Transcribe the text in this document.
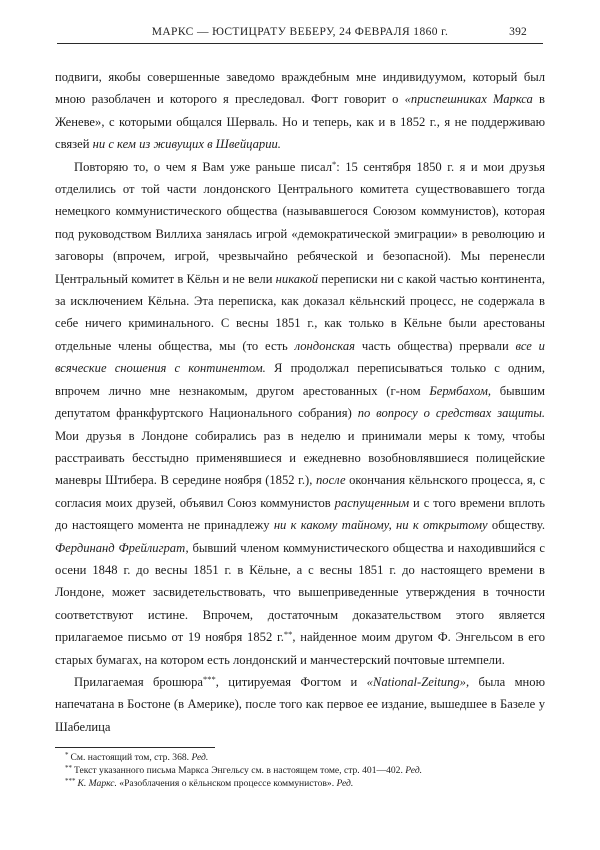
МАРКС — ЮСТИЦРАТУ ВЕБЕРУ, 24 ФЕВРАЛЯ 1860 г.	392

подвиги, якобы совершенные заведомо враждебным мне индивидуумом, который был мною разоблачен и которого я преследовал. Фогт говорит о «приспешниках Маркса в Женеве», с которыми общался Шерваль. Но и теперь, как и в 1852 г., я не поддерживаю связей ни с кем из живущих в Швейцарии.

Повторяю то, о чем я Вам уже раньше писал*: 15 сентября 1850 г. я и мои друзья отделились от той части лондонского Центрального комитета существовавшего тогда немецкого коммунистического общества (называвшегося Союзом коммунистов), которая под руководством Виллиха занялась игрой «демократической эмиграции» в революцию и заговоры (впрочем, игрой, чрезвычайно ребяческой и безопасной). Мы перенесли Центральный комитет в Кёльн и не вели никакой переписки ни с какой частью континента, за исключением Кёльна. Эта переписка, как доказал кёльнский процесс, не содержала в себе ничего криминального. С весны 1851 г., как только в Кёльне были арестованы отдельные члены общества, мы (то есть лондонская часть общества) прервали все и всяческие сношения с континентом. Я продолжал переписываться только с одним, впрочем лично мне незнакомым, другом арестованных (г-ном Бермбахом, бывшим депутатом франкфуртского Национального собрания) по вопросу о средствах защиты. Мои друзья в Лондоне собирались раз в неделю и принимали меры к тому, чтобы расстраивать бесстыдно применявшиеся и ежедневно возобновлявшиеся полицейские маневры Штибера. В середине ноября (1852 г.), после окончания кёльнского процесса, я, с согласия моих друзей, объявил Союз коммунистов распущенным и с того времени вплоть до настоящего момента не принадлежу ни к какому тайному, ни к открытому обществу. Фердинанд Фрейлиграт, бывший членом коммунистического общества и находившийся с осени 1848 г. до весны 1851 г. в Кёльне, а с весны 1851 г. до настоящего времени в Лондоне, может засвидетельствовать, что вышеприведенные утверждения в точности соответствуют истине. Впрочем, достаточным доказательством этого является прилагаемое письмо от 19 ноября 1852 г.**, найденное моим другом Ф. Энгельсом в его старых бумагах, на котором есть лондонский и манчестерский почтовые штемпели.

Прилагаемая брошюра***, цитируемая Фогтом и «National-Zeitung», была мною напечатана в Бостоне (в Америке), после того как первое ее издание, вышедшее в Базеле у Шабелица

* См. настоящий том, стр. 368. Ред.

** Текст указанного письма Маркса Энгельсу см. в настоящем томе, стр. 401—402. Ред.

*** К. Маркс. «Разоблачения о кёльнском процессе коммунистов». Ред.
